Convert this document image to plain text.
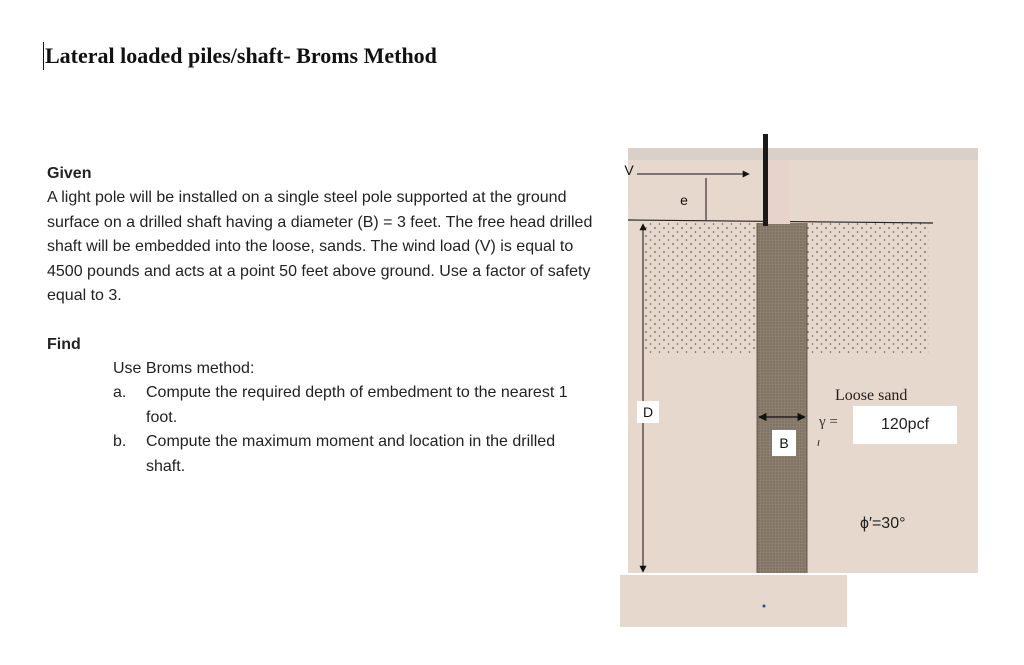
Lateral loaded piles/shaft- Broms Method
Given
A light pole will be installed on a single steel pole supported at the ground surface on a drilled shaft having a diameter (B) = 3 feet. The free head drilled shaft will be embedded into the loose, sands. The wind load (V) is equal to 4500 pounds and acts at a point 50 feet above ground. Use a factor of safety equal to 3.
Find
Use Broms method:
a. Compute the required depth of embedment to the nearest 1 foot.
b. Compute the maximum moment and location in the drilled shaft.
V
e
D
B
Loose sand
γ =	120pcf
ϕ′=30°
